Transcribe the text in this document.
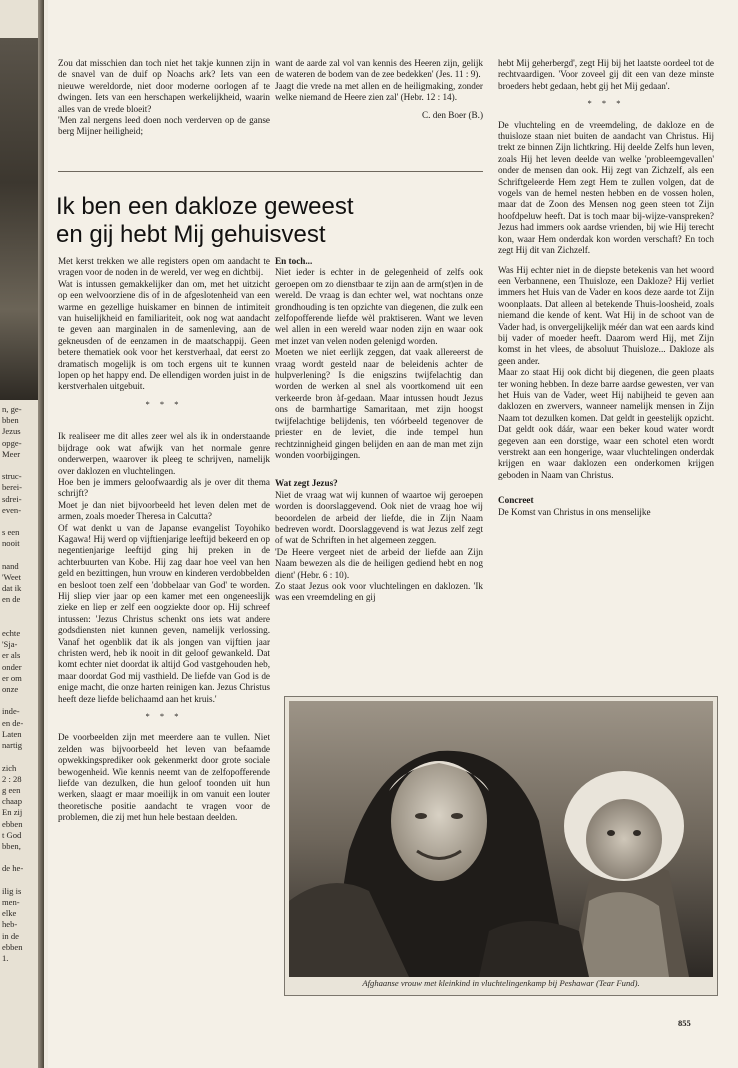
n, ge-
bben
Jezus
opge-
Meer

struc-
berei-
sdrei-
even-

s een
nooit

nand
'Weet
dat ik
en de

echte
'Sja-
er als
onder
er om
onze

inde-
en de-
Laten
nartig

zich
2 : 28
g een
chaap
En zij
ebben
t God
bben,

de he-

ilig is
men-
elke
heb-
in de
ebben
1.

Zou dat misschien dan toch niet het takje kunnen zijn in de snavel van de duif op Noachs ark? Iets van een nieuwe wereldorde, niet door moderne oorlogen af te dwingen. Iets van een herschapen werkelijkheid, waarin alles van de vrede bloeit?

'Men zal nergens leed doen noch verderven op de ganse berg Mijner heiligheid;

want de aarde zal vol van kennis des Heeren zijn, gelijk de wateren de bodem van de zee bedekken' (Jes. 11 : 9).

Jaagt die vrede na met allen en de heiligmaking, zonder welke niemand de Heere zien zal' (Hebr. 12 : 14).

C. den Boer (B.)

Ik ben een dakloze geweest
en gij hebt Mij gehuisvest

Met kerst trekken we alle registers open om aandacht te vragen voor de noden in de wereld, ver weg en dichtbij.

Wat is intussen gemakkelijker dan om, met het uitzicht op een welvoorziene dis of in de afgeslotenheid van een warme en gezellige huiskamer en binnen de intimiteit van huiselijkheid en familiariteit, ook nog wat aandacht te geven aan marginalen in de samenleving, aan de gekneusden of de eenzamen in de maatschappij. Geen betere thematiek ook voor het kerstverhaal, dat eerst zo dramatisch mogelijk is om toch ergens uit te kunnen lopen op het happy end. De ellendigen worden juist in de kerstverhalen uitgebuit.

* * *

Ik realiseer me dit alles zeer wel als ik in onderstaande bijdrage ook wat afwijk van het normale genre onderwerpen, waarover ik pleeg te schrijven, namelijk over daklozen en vluchtelingen.

Hoe ben je immers geloofwaardig als je over dit thema schrijft?

Moet je dan niet bijvoorbeeld het leven delen met de armen, zoals moeder Theresa in Calcutta?

Of wat denkt u van de Japanse evangelist Toyohiko Kagawa! Hij werd op vijftienjarige leeftijd bekeerd en op negentienjarige leeftijd ging hij preken in de achterbuurten van Kobe. Hij zag daar hoe veel van hen geld en bezittingen, hun vrouw en kinderen verdobbelden en besloot toen zelf een 'dobbelaar van God' te worden. Hij sliep vier jaar op een kamer met een ongeneeslijk zieke en liep er zelf een oogziekte door op. Hij schreef intussen: 'Jezus Christus schenkt ons iets wat andere godsdiensten niet kunnen geven, namelijk verlossing. Vanaf het ogenblik dat ik als jongen van vijftien jaar christen werd, heb ik nooit in dit geloof gewankeld. Dat komt echter niet doordat ik altijd God vastgehouden heb, maar doordat God mij vasthield. De liefde van God is de enige macht, die onze harten reinigen kan. Jezus Christus heeft deze liefde belichaamd aan het kruis.'

* * *

De voorbeelden zijn met meerdere aan te vullen. Niet zelden was bijvoorbeeld het leven van befaamde opwekkingsprediker ook gekenmerkt door grote sociale bewogenheid. Wie kennis neemt van de zelfopofferende liefde van dezulken, die hun geloof toonden uit hun werken, slaagt er maar moeilijk in om vanuit een louter theoretische positie aandacht te vragen voor de problemen, die zij met hun hele bestaan deelden.

En toch...

Niet ieder is echter in de gelegenheid of zelfs ook geroepen om zo dienstbaar te zijn aan de arm(st)en in de wereld. De vraag is dan echter wel, wat nochtans onze grondhouding is ten opzichte van diegenen, die zulk een zelfopofferende liefde wèl praktiseren. Want we leven wel allen in een wereld waar noden zijn en waar ook met inzet van velen noden gelenigd worden.

Moeten we niet eerlijk zeggen, dat vaak allereerst de vraag wordt gesteld naar de beleidenis achter de hulpverlening? Is die enigszins twijfelachtig dan worden de werken al snel als voortkomend uit een verkeerde bron àf-gedaan. Maar intussen houdt Jezus ons de barmhartige Samaritaan, met zijn hoogst twijfelachtige belijdenis, ten vóórbeeld tegenover de priester en de leviet, die inde tempel hun rechtzinnigheid gingen belijden en aan de man met zijn wonden voorbijgingen.

Wat zegt Jezus?

Niet de vraag wat wij kunnen of waartoe wij geroepen worden is doorslaggevend. Ook niet de vraag hoe wij beoordelen de arbeid der liefde, die in Zijn Naam bedreven wordt. Doorslaggevend is wat Jezus zelf zegt of wat de Schriften in het algemeen zeggen.

'De Heere vergeet niet de arbeid der liefde aan Zijn Naam bewezen als die de heiligen gediend hebt en nog dient' (Hebr. 6 : 10).

Zo staat Jezus ook voor vluchtelingen en daklozen. 'Ik was een vreemdeling en gij

hebt Mij geherbergd', zegt Hij bij het laatste oordeel tot de rechtvaardigen. 'Voor zoveel gij dit een van deze minste broeders hebt gedaan, hebt gij het Mij gedaan'.

* * *

De vluchteling en de vreemdeling, de dakloze en de thuisloze staan niet buiten de aandacht van Christus. Hij trekt ze binnen Zijn lichtkring. Hij deelde Zelfs hun leven, zoals Hij het leven deelde van welke 'probleemgevallen' onder de mensen dan ook. Hij zegt van Zichzelf, als een Schriftgeleerde Hem zegt Hem te zullen volgen, dat de vogels van de hemel nesten hebben en de vossen holen, maar dat de Zoon des Mensen nog geen steen tot Zijn hoofdpeluw heeft. Dat is toch maar bij-wijze-vanspreken? Jezus had immers ook aardse vrienden, bij wie Hij terecht kon, waar Hem onderdak kon worden verschaft? En toch zegt Hij dit van Zichzelf.

Was Hij echter niet in de diepste betekenis van het woord een Verbannene, een Thuisloze, een Dakloze? Hij verliet immers het Huis van de Vader en koos deze aarde tot Zijn woonplaats. Dat alleen al betekende Thuis-loosheid, zoals niemand die kende of kent. Wat Hij in de schoot van de Vader had, is onvergelijkelijk méér dan wat een aards kind bij vader of moeder heeft. Daarom werd Hij, met Zijn komst in het vlees, de absoluut Thuisloze... Dakloze als geen ander.

Maar zo staat Hij ook dicht bij diegenen, die geen plaats ter woning hebben. In deze barre aardse gewesten, ver van het Huis van de Vader, weet Hij nabijheid te geven aan daklozen en zwervers, wanneer namelijk mensen in Zijn Naam tot dezulken komen. Dat geldt in geestelijk opzicht. Dat geldt ook dáár, waar een beker koud water wordt gegeven aan een dorstige, waar een schotel eten wordt verstrekt aan een hongerige, waar vluchtelingen onderdak krijgen en waar daklozen een onderkomen krijgen geboden in Naam van Christus.

Concreet

De Komst van Christus in ons menselijke

Afghaanse vrouw met kleinkind in vluchtelingenkamp bij Peshawar (Tear Fund).
855
